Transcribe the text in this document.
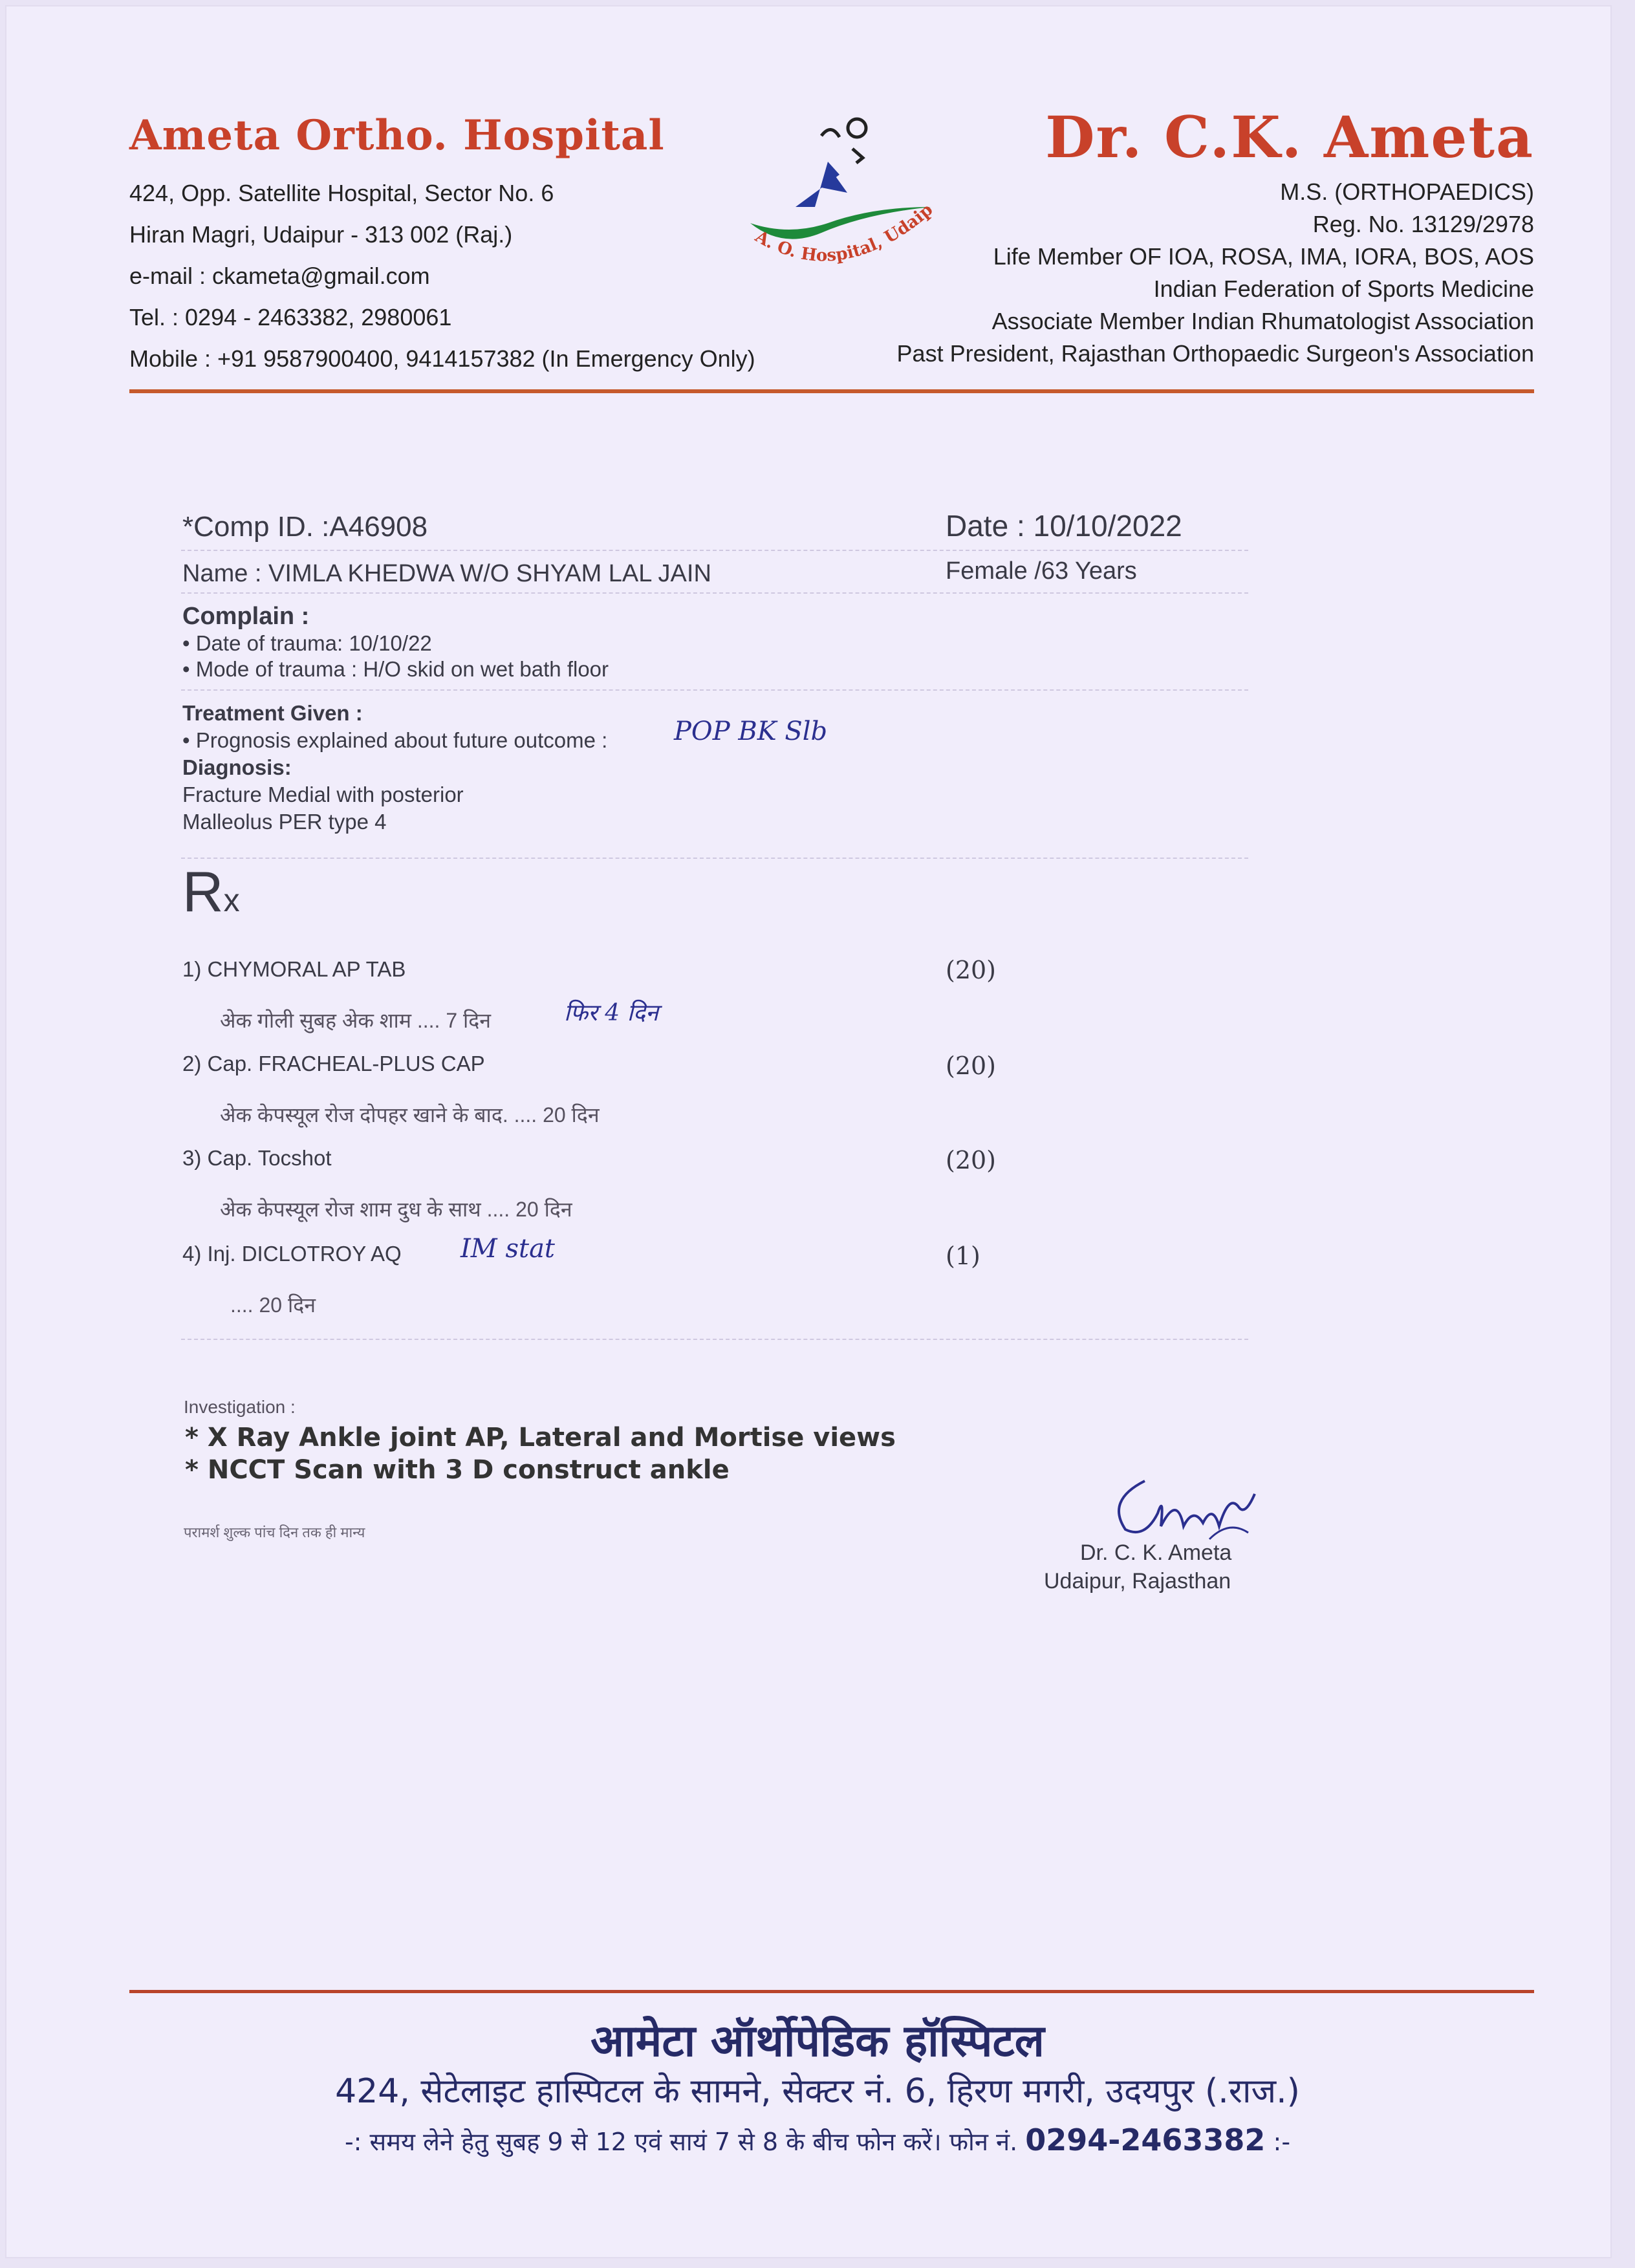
Ameta Ortho. Hospital
424, Opp. Satellite Hospital, Sector No. 6
Hiran Magri, Udaipur - 313 002 (Raj.)
e-mail : ckameta@gmail.com
Tel. : 0294 - 2463382, 2980061
Mobile : +91 9587900400, 9414157382 (In Emergency Only)
A. O. Hospital, Udaip
Dr. C.K. Ameta
M.S. (ORTHOPAEDICS)
Reg. No. 13129/2978
Life Member OF IOA, ROSA, IMA, IORA, BOS, AOS
Indian Federation of Sports Medicine
Associate Member Indian Rhumatologist Association
Past President, Rajasthan Orthopaedic Surgeon's Association
*Comp ID. :A46908	Date : 10/10/2022
Name : VIMLA KHEDWA W/O SHYAM LAL JAIN	Female /63 Years
Complain :
• Date of trauma: 10/10/22
• Mode of trauma : H/O skid on wet bath floor
Treatment Given :
• Prognosis explained about future outcome :	POP BK Slb
Diagnosis:
Fracture Medial with posterior
Malleolus PER type 4
Rx
1) CHYMORAL AP TAB	(20)
अेक गोली सुबह अेक शाम .... 7 दिन	फिर 4 दिन
2) Cap. FRACHEAL-PLUS CAP	(20)
अेक केपस्यूल रोज दोपहर खाने के बाद. .... 20 दिन
3) Cap. Tocshot	(20)
अेक केपस्यूल रोज शाम दुध के साथ .... 20 दिन
4) Inj. DICLOTROY AQ IM stat	(1)
.... 20 दिन
Investigation :
* X Ray Ankle joint AP, Lateral and Mortise views
* NCCT Scan with 3 D construct ankle
परामर्श शुल्क पांच दिन तक ही मान्य
Dr. C. K. Ameta
Udaipur, Rajasthan
आमेटा ऑर्थोपेडिक हॉस्पिटल
424, सेटेलाइट हास्पिटल के सामने, सेक्टर नं. 6, हिरण मगरी, उदयपुर (.राज.)
-: समय लेने हेतु सुबह 9 से 12 एवं सायं 7 से 8 के बीच फोन करें। फोन नं. 0294-2463382 :-
